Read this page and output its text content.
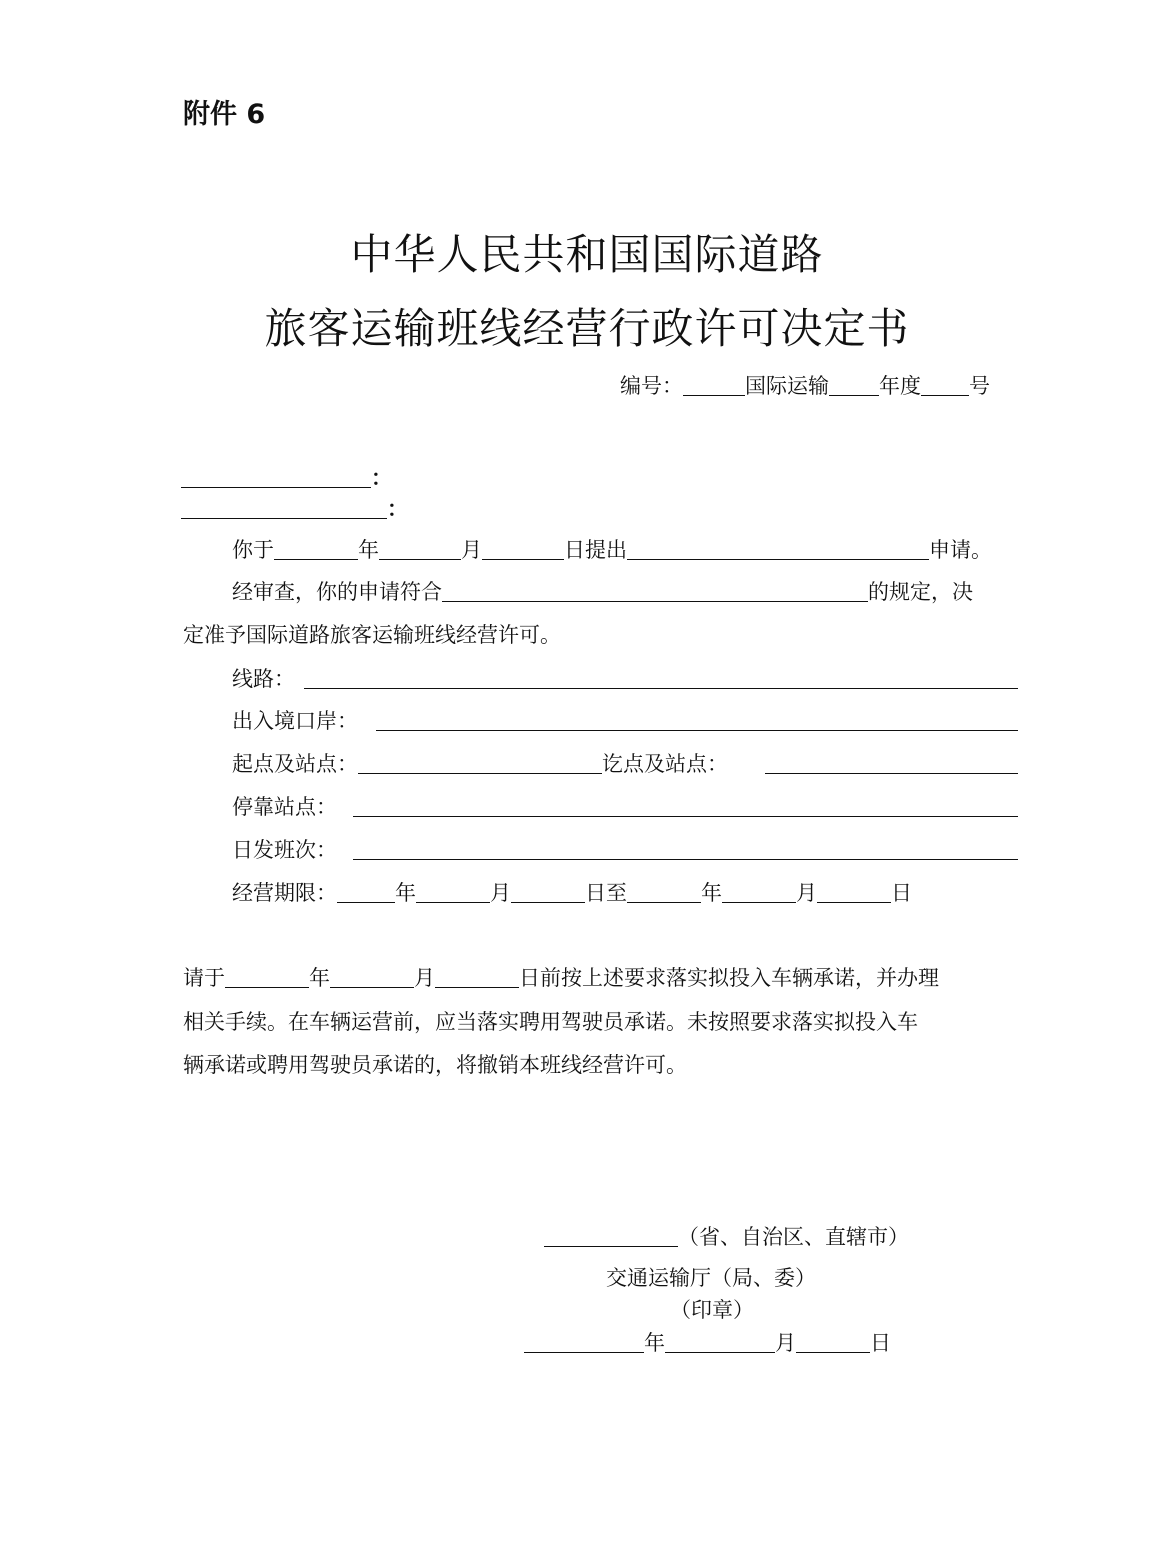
附件 6
中华人民共和国国际道路
旅客运输班线经营行政许可决定书
编号：	国际运输 年度 号
：
：
你于	年	月	日提出	申请。
经审查，你的申请符合	的规定，决
定准予国际道路旅客运输班线经营许可。
线路：
出入境口岸：
起点及站点：	讫点及站点：
停靠站点：
日发班次：
经营期限：	年	月	日至	年	月	日
请于	年	月	日前按上述要求落实拟投入车辆承诺，并办理
相关手续。在车辆运营前，应当落实聘用驾驶员承诺。未按照要求落实拟投入车
辆承诺或聘用驾驶员承诺的，将撤销本班线经营许可。
（省、自治区、直辖市）
交通运输厅（局、委）
（印章）
年	月	日
